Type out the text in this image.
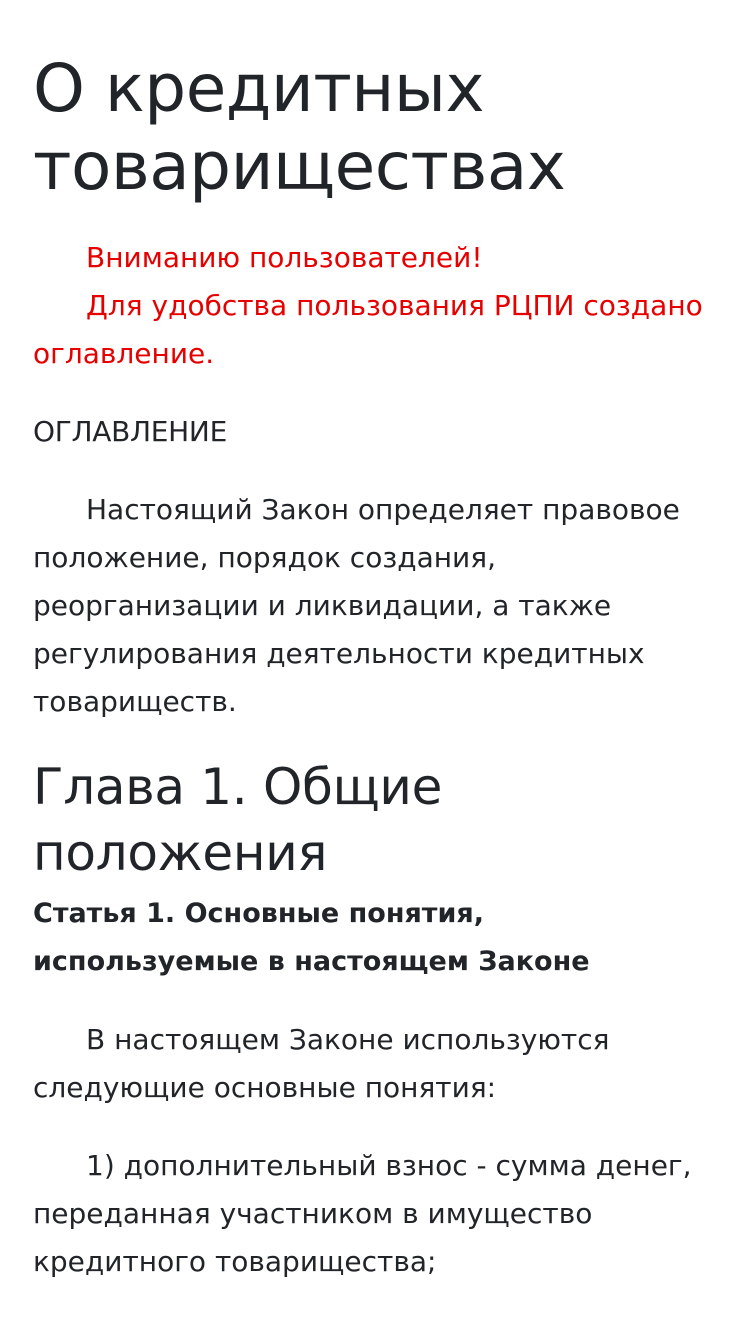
О кредитных товариществах

Вниманию пользователей!

Для удобства пользования РЦПИ создано оглавление.

ОГЛАВЛЕНИЕ

Настоящий Закон определяет правовое положение, порядок создания, реорганизации и ликвидации, а также регулирования деятельности кредитных товариществ.

Глава 1. Общие положения
Статья 1. Основные понятия, используемые в настоящем Законе

В настоящем Законе используются следующие основные понятия:

1) дополнительный взнос - сумма денег, переданная участником в имущество кредитного товарищества;
